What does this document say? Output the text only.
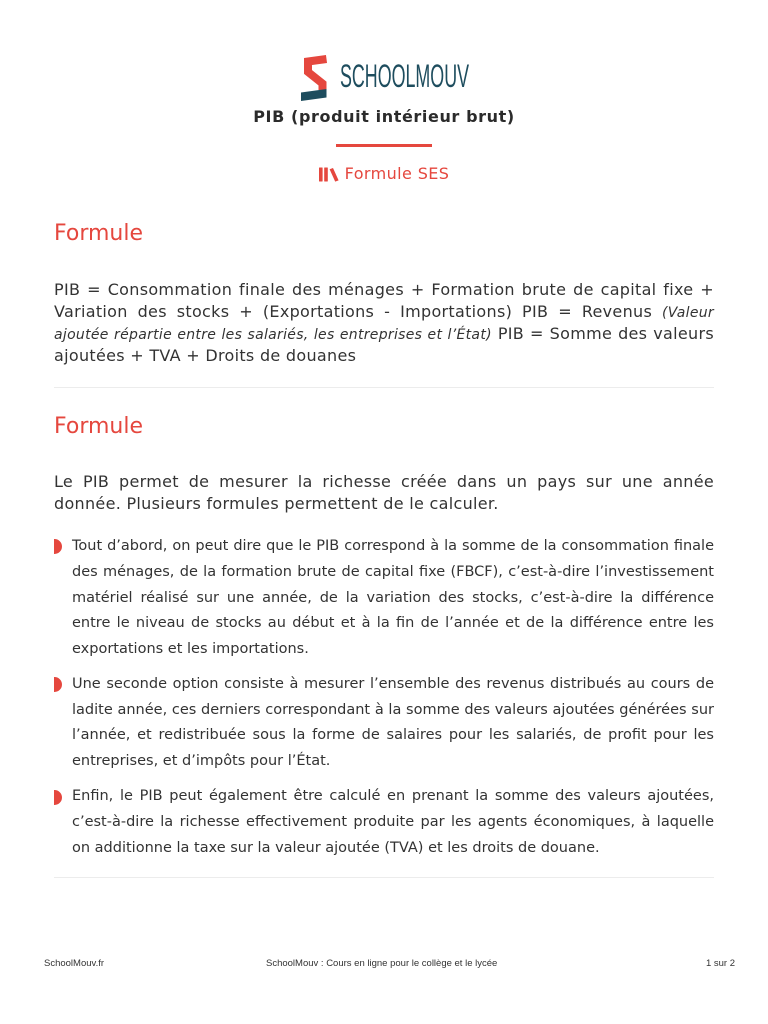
SCHOOLMOUV
PIB (produit intérieur brut)
Formule SES
Formule

PIB = Consommation finale des ménages + Formation brute de capital fixe + Variation des stocks + (Exportations - Importations) PIB = Revenus (Valeur ajoutée répartie entre les salariés, les entreprises et l’État) PIB = Somme des valeurs ajoutées + TVA + Droits de douanes

Formule

Le PIB permet de mesurer la richesse créée dans un pays sur une année donnée. Plusieurs formules permettent de le calculer.

Tout d’abord, on peut dire que le PIB correspond à la somme de la consommation finale des ménages, de la formation brute de capital fixe (FBCF), c’est-à-dire l’investissement matériel réalisé sur une année, de la variation des stocks, c’est-à-dire la différence entre le niveau de stocks au début et à la fin de l’année et de la différence entre les exportations et les importations.
Une seconde option consiste à mesurer l’ensemble des revenus distribués au cours de ladite année, ces derniers correspondant à la somme des valeurs ajoutées générées sur l’année, et redistribuée sous la forme de salaires pour les salariés, de profit pour les entreprises, et d’impôts pour l’État.
Enfin, le PIB peut également être calculé en prenant la somme des valeurs ajoutées, c’est-à-dire la richesse effectivement produite par les agents économiques, à laquelle on additionne la taxe sur la valeur ajoutée (TVA) et les droits de douane.
SchoolMouv.fr	SchoolMouv : Cours en ligne pour le collège et le lycée	1 sur 2
